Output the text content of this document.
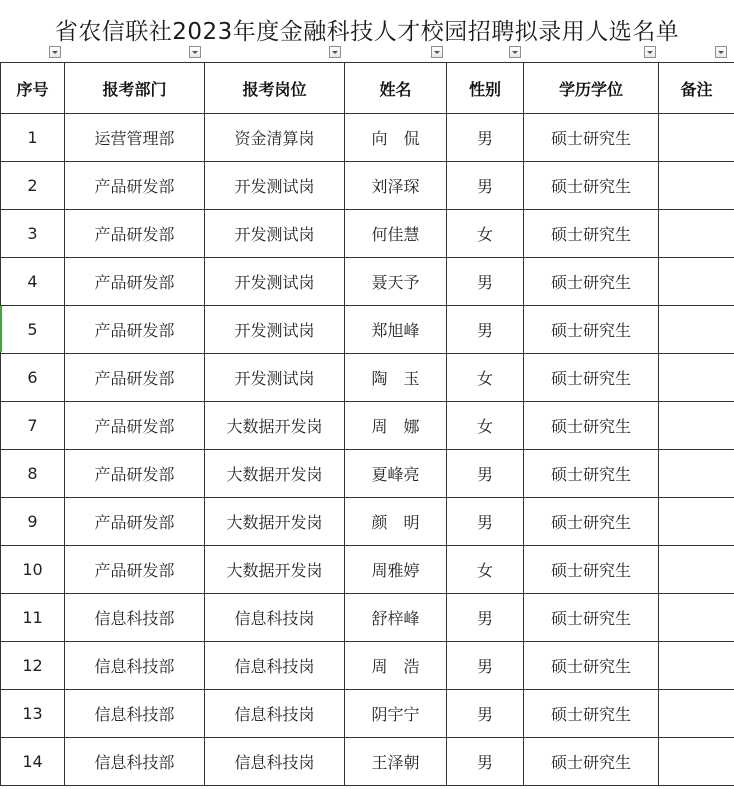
省农信联社2023年度金融科技人才校园招聘拟录用人选名单
序号	报考部门	报考岗位	姓名	性别	学历学位	备注
1	运营管理部	资金清算岗	向　侃	男	硕士研究生	
2	产品研发部	开发测试岗	刘泽琛	男	硕士研究生	
3	产品研发部	开发测试岗	何佳慧	女	硕士研究生	
4	产品研发部	开发测试岗	聂天予	男	硕士研究生	
5	产品研发部	开发测试岗	郑旭峰	男	硕士研究生	
6	产品研发部	开发测试岗	陶　玉	女	硕士研究生	
7	产品研发部	大数据开发岗	周　娜	女	硕士研究生	
8	产品研发部	大数据开发岗	夏峰亮	男	硕士研究生	
9	产品研发部	大数据开发岗	颜　明	男	硕士研究生	
10	产品研发部	大数据开发岗	周雅婷	女	硕士研究生	
11	信息科技部	信息科技岗	舒梓峰	男	硕士研究生	
12	信息科技部	信息科技岗	周　浩	男	硕士研究生	
13	信息科技部	信息科技岗	阴宇宁	男	硕士研究生	
14	信息科技部	信息科技岗	王泽朝	男	硕士研究生	
